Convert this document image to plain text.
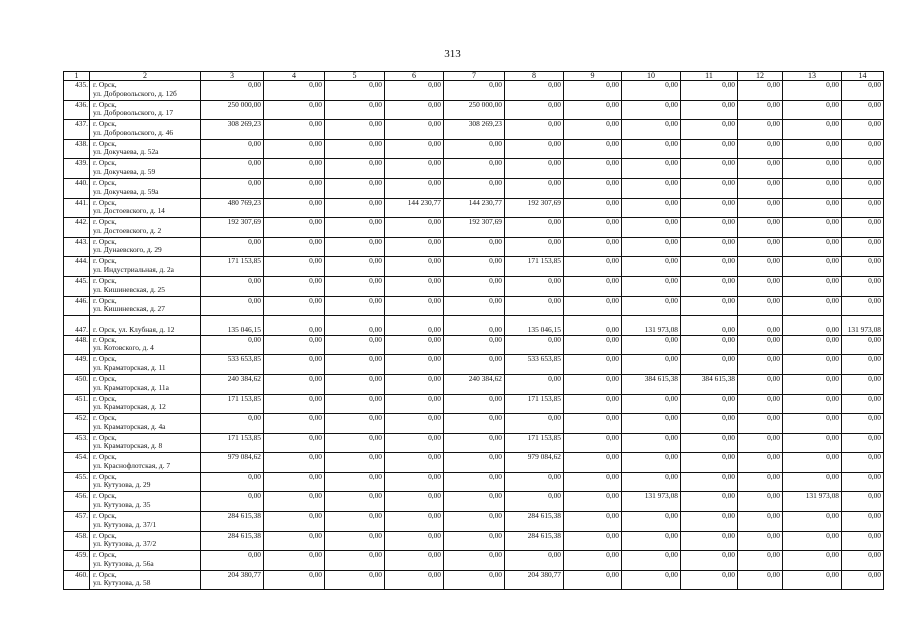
313
1	2	3	4	5	6	7	8	9	10	11	12	13	14
435.	г. Орск,
ул. Добровольского, д. 12б	0,00	0,00	0,00	0,00	0,00	0,00	0,00	0,00	0,00	0,00	0,00	0,00
436.	г. Орск,
ул. Добровольского, д. 17	250 000,00	0,00	0,00	0,00	250 000,00	0,00	0,00	0,00	0,00	0,00	0,00	0,00
437.	г. Орск,
ул. Добровольского, д. 46	308 269,23	0,00	0,00	0,00	308 269,23	0,00	0,00	0,00	0,00	0,00	0,00	0,00
438.	г. Орск,
ул. Докучаева, д. 52а	0,00	0,00	0,00	0,00	0,00	0,00	0,00	0,00	0,00	0,00	0,00	0,00
439.	г. Орск,
ул. Докучаева, д. 59	0,00	0,00	0,00	0,00	0,00	0,00	0,00	0,00	0,00	0,00	0,00	0,00
440.	г. Орск,
ул. Докучаева, д. 59а	0,00	0,00	0,00	0,00	0,00	0,00	0,00	0,00	0,00	0,00	0,00	0,00
441.	г. Орск,
ул. Достоевского, д. 14	480 769,23	0,00	0,00	144 230,77	144 230,77	192 307,69	0,00	0,00	0,00	0,00	0,00	0,00
442.	г. Орск,
ул. Достоевского, д. 2	192 307,69	0,00	0,00	0,00	192 307,69	0,00	0,00	0,00	0,00	0,00	0,00	0,00
443.	г. Орск,
ул. Дунаевского, д. 29	0,00	0,00	0,00	0,00	0,00	0,00	0,00	0,00	0,00	0,00	0,00	0,00
444.	г. Орск,
ул. Индустриальная, д. 2а	171 153,85	0,00	0,00	0,00	0,00	171 153,85	0,00	0,00	0,00	0,00	0,00	0,00
445.	г. Орск,
ул. Кишиневская, д. 25	0,00	0,00	0,00	0,00	0,00	0,00	0,00	0,00	0,00	0,00	0,00	0,00
446.	г. Орск,
ул. Кишиневская, д. 27	0,00	0,00	0,00	0,00	0,00	0,00	0,00	0,00	0,00	0,00	0,00	0,00
447.	г. Орск, ул. Клубная, д. 12	135 046,15	0,00	0,00	0,00	0,00	135 046,15	0,00	131 973,08	0,00	0,00	0,00	131 973,08
448.	г. Орск,
ул. Котовского, д. 4	0,00	0,00	0,00	0,00	0,00	0,00	0,00	0,00	0,00	0,00	0,00	0,00
449.	г. Орск,
ул. Краматорская, д. 11	533 653,85	0,00	0,00	0,00	0,00	533 653,85	0,00	0,00	0,00	0,00	0,00	0,00
450.	г. Орск,
ул. Краматорская, д. 11а	240 384,62	0,00	0,00	0,00	240 384,62	0,00	0,00	384 615,38	384 615,38	0,00	0,00	0,00
451.	г. Орск,
ул. Краматорская, д. 12	171 153,85	0,00	0,00	0,00	0,00	171 153,85	0,00	0,00	0,00	0,00	0,00	0,00
452.	г. Орск,
ул. Краматорская, д. 4а	0,00	0,00	0,00	0,00	0,00	0,00	0,00	0,00	0,00	0,00	0,00	0,00
453.	г. Орск,
ул. Краматорская, д. 8	171 153,85	0,00	0,00	0,00	0,00	171 153,85	0,00	0,00	0,00	0,00	0,00	0,00
454.	г. Орск,
ул. Краснофлотская, д. 7	979 084,62	0,00	0,00	0,00	0,00	979 084,62	0,00	0,00	0,00	0,00	0,00	0,00
455.	г. Орск,
ул. Кутузова, д. 29	0,00	0,00	0,00	0,00	0,00	0,00	0,00	0,00	0,00	0,00	0,00	0,00
456.	г. Орск,
ул. Кутузова, д. 35	0,00	0,00	0,00	0,00	0,00	0,00	0,00	131 973,08	0,00	0,00	131 973,08	0,00
457.	г. Орск,
ул. Кутузова, д. 37/1	284 615,38	0,00	0,00	0,00	0,00	284 615,38	0,00	0,00	0,00	0,00	0,00	0,00
458.	г. Орск,
ул. Кутузова, д. 37/2	284 615,38	0,00	0,00	0,00	0,00	284 615,38	0,00	0,00	0,00	0,00	0,00	0,00
459.	г. Орск,
ул. Кутузова, д. 56а	0,00	0,00	0,00	0,00	0,00	0,00	0,00	0,00	0,00	0,00	0,00	0,00
460.	г. Орск,
ул. Кутузова, д. 58	204 380,77	0,00	0,00	0,00	0,00	204 380,77	0,00	0,00	0,00	0,00	0,00	0,00
